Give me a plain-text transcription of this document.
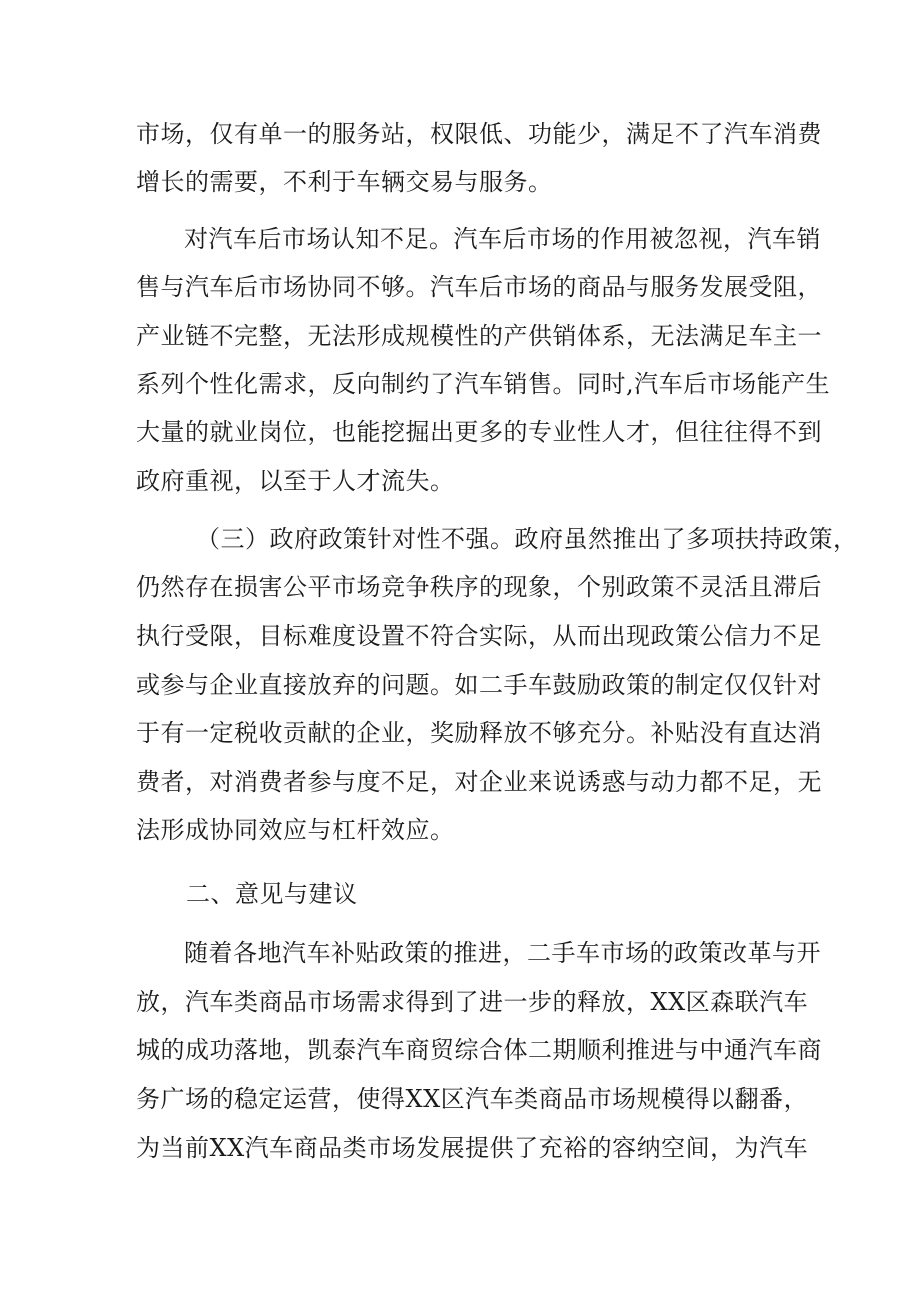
市场，仅有单一的服务站，权限低、功能少，满足不了汽车消费
增长的需要，不利于车辆交易与服务。
对汽车后市场认知不足。汽车后市场的作用被忽视，汽车销
售与汽车后市场协同不够。汽车后市场的商品与服务发展受阻，
产业链不完整，无法形成规模性的产供销体系，无法满足车主一
系列个性化需求，反向制约了汽车销售。同时,汽车后市场能产生
大量的就业岗位，也能挖掘出更多的专业性人才，但往往得不到
政府重视，以至于人才流失。
（三）政府政策针对性不强。政府虽然推出了多项扶持政策，
仍然存在损害公平市场竞争秩序的现象，个别政策不灵活且滞后
执行受限，目标难度设置不符合实际，从而出现政策公信力不足
或参与企业直接放弃的问题。如二手车鼓励政策的制定仅仅针对
于有一定税收贡献的企业，奖励释放不够充分。补贴没有直达消
费者，对消费者参与度不足，对企业来说诱惑与动力都不足，无
法形成协同效应与杠杆效应。
二、意见与建议
随着各地汽车补贴政策的推进，二手车市场的政策改革与开
放，汽车类商品市场需求得到了进一步的释放，XX区森联汽车
城的成功落地，凯泰汽车商贸综合体二期顺利推进与中通汽车商
务广场的稳定运营，使得XX区汽车类商品市场规模得以翻番，
为当前XX汽车商品类市场发展提供了充裕的容纳空间，为汽车
